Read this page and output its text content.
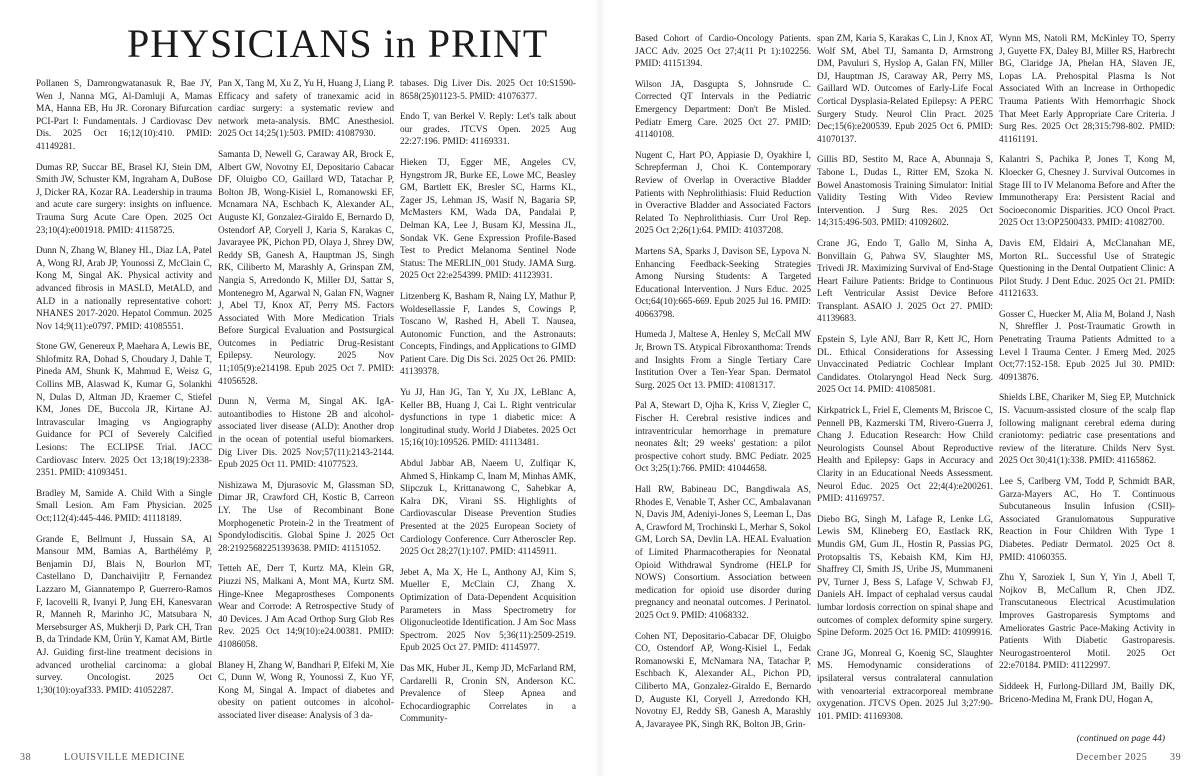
PHYSICIANS in PRINT

Pollanen S, Damrongwatanasuk R, Bae JY, Wen J, Nanna MG, Al-Damluji A, Mamas MA, Hanna EB, Hu JR. Coronary Bifurcation PCI-Part I: Fundamentals. J Cardiovasc Dev Dis. 2025 Oct 16;12(10):410. PMID: 41149281.

Dumas RP, Succar BE, Brasel KJ, Stein DM, Smith JW, Schuster KM, Ingraham A, DuBose J, Dicker RA, Kozar RA. Leadership in trauma and acute care surgery: insights on influence. Trauma Surg Acute Care Open. 2025 Oct 23;10(4):e001918. PMID: 41158725.

Dunn N, Zhang W, Blaney HL, Diaz LA, Patel A, Wong RJ, Arab JP, Younossi Z, McClain C, Kong M, Singal AK. Physical activity and advanced fibrosis in MASLD, MetALD, and ALD in a nationally representative cohort: NHANES 2017-2020. Hepatol Commun. 2025 Nov 14;9(11):e0797. PMID: 41085551.

Stone GW, Genereux P, Maehara A, Lewis BE, Shlofmitz RA, Dohad S, Choudary J, Dahle T, Pineda AM, Shunk K, Mahmud E, Weisz G, Collins MB, Alaswad K, Kumar G, Solankhi N, Dulas D, Altman JD, Kraemer C, Stiefel KM, Jones DE, Buccola JR, Kirtane AJ. Intravascular Imaging vs Angiography Guidance for PCI of Severely Calcified Lesions: The ECLIPSE Trial. JACC Cardiovasc Interv. 2025 Oct 13;18(19):2338-2351. PMID: 41093451.

Bradley M, Samide A. Child With a Single Small Lesion. Am Fam Physician. 2025 Oct;112(4):445-446. PMID: 41118189.

Grande E, Bellmunt J, Hussain SA, Al Mansour MM, Bamias A, Barthélémy P, Benjamin DJ, Blais N, Bourlon MT, Castellano D, Danchaivijitr P, Fernandez Lazzaro M, Giannatempo P, Guerrero-Ramos F, Iacovelli R, Ivanyi P, Jung EH, Kanesvaran R, Manneh R, Marinho JC, Matsubara N, Mersebsurger AS, Mukherji D, Park CH, Tran B, da Trindade KM, Ürün Y, Kamat AM, Birtle AJ. Guiding first-line treatment decisions in advanced urothelial carcinoma: a global survey. Oncologist. 2025 Oct 1;30(10):oyaf333. PMID: 41052287.

Pan X, Tang M, Xu Z, Yu H, Huang J, Liang P. Efficacy and safety of tranexamic acid in cardiac surgery: a systematic review and network meta-analysis. BMC Anesthesiol. 2025 Oct 14;25(1):503. PMID: 41087930.

Samanta D, Newell G, Caraway AR, Brock E, Albert GW, Novotny EJ, Depositario Cabacar DF, Oluigbo CO, Gaillard WD, Tatachar P, Bolton JB, Wong-Kisiel L, Romanowski EF, Mcnamara NA, Eschbach K, Alexander AL, Auguste KI, Gonzalez-Giraldo E, Bernardo D, Ostendorf AP, Coryell J, Karia S, Karakas C, Javarayee PK, Pichon PD, Olaya J, Shrey DW, Reddy SB, Ganesh A, Hauptman JS, Singh RK, Ciliberto M, Marashly A, Grinspan ZM, Nangia S, Arredondo K, Miller DJ, Sattar S, Montenegro M, Agarwal N, Galan FN, Wagner J, Abel TJ, Knox AT, Perry MS. Factors Associated With More Medication Trials Before Surgical Evaluation and Postsurgical Outcomes in Pediatric Drug-Resistant Epilepsy. Neurology. 2025 Nov 11;105(9):e214198. Epub 2025 Oct 7. PMID: 41056528.

Dunn N, Verma M, Singal AK. IgA-autoantibodies to Histone 2B and alcohol-associated liver disease (ALD): Another drop in the ocean of potential useful biomarkers. Dig Liver Dis. 2025 Nov;57(11):2143-2144. Epub 2025 Oct 11. PMID: 41077523.

Nishizawa M, Djurasovic M, Glassman SD, Dimar JR, Crawford CH, Kostic B, Carreon LY. The Use of Recombinant Bone Morphogenetic Protein-2 in the Treatment of Spondylodiscitis. Global Spine J. 2025 Oct 28:21925682251393638. PMID: 41151052.

Tetteh AE, Derr T, Kurtz MA, Klein GR, Piuzzi NS, Malkani A, Mont MA, Kurtz SM. Hinge-Knee Megaprostheses Components Wear and Corrode: A Retrospective Study of 40 Devices. J Am Acad Orthop Surg Glob Res Rev. 2025 Oct 14;9(10):e24.00381. PMID: 41086058.

Blaney H, Zhang W, Bandhari P, Elfeki M, Xie C, Dunn W, Wong R, Younossi Z, Kuo YF, Kong M, Singal A. Impact of diabetes and obesity on patient outcomes in alcohol-associated liver disease: Analysis of 3 da-

tabases. Dig Liver Dis. 2025 Oct 10:S1590-8658(25)01123-5. PMID: 41076377.

Endo T, van Berkel V. Reply: Let's talk about our grades. JTCVS Open. 2025 Aug 22:27:196. PMID: 41169331.

Hieken TJ, Egger ME, Angeles CV, Hyngstrom JR, Burke EE, Lowe MC, Beasley GM, Bartlett EK, Bresler SC, Harms KL, Zager JS, Lehman JS, Wasif N, Bagaria SP, McMasters KM, Wada DA, Pandalai P, Delman KA, Lee J, Busam KJ, Messina JL, Sondak VK. Gene Expression Profile-Based Test to Predict Melanoma Sentinel Node Status: The MERLIN_001 Study. JAMA Surg. 2025 Oct 22:e254399. PMID: 41123931.

Litzenberg K, Basham R, Naing LY, Mathur P, Woldesellassie F, Landes S, Cowings P, Toscano W, Rashed H, Abell T. Nausea, Autonomic Function, and the Astronauts: Concepts, Findings, and Applications to GIMD Patient Care. Dig Dis Sci. 2025 Oct 26. PMID: 41139378.

Yu JJ, Han JG, Tan Y, Xu JX, LeBlanc A, Keller BB, Huang J, Cai L. Right ventricular dysfunctions in type 1 diabetic mice: A longitudinal study. World J Diabetes. 2025 Oct 15;16(10):109526. PMID: 41113481.

Abdul Jabbar AB, Naeem U, Zulfiqar K, Ahmed S, Hinkamp C, Inam M, Minhas AMK, Slipczuk L, Krittanawong C, Sahebkar A, Kalra DK, Virani SS. Highlights of Cardiovascular Disease Prevention Studies Presented at the 2025 European Society of Cardiology Conference. Curr Atheroscler Rep. 2025 Oct 28;27(1):107. PMID: 41145911.

Jebet A, Ma X, He L, Anthony AJ, Kim S, Mueller E, McClain CJ, Zhang X. Optimization of Data-Dependent Acquisition Parameters in Mass Spectrometry for Oligonucleotide Identification. J Am Soc Mass Spectrom. 2025 Nov 5;36(11):2509-2519. Epub 2025 Oct 27. PMID: 41145977.

Das MK, Huber JL, Kemp JD, McFarland RM, Cardarelli R, Cronin SN, Anderson KC. Prevalence of Sleep Apnea and Echocardiographic Correlates in a Community-

Based Cohort of Cardio-Oncology Patients. JACC Adv. 2025 Oct 27;4(11 Pt 1):102256. PMID: 41151394.

Wilson JA, Dasgupta S, Johnsrude C. Corrected QT Intervals in the Pediatric Emergency Department: Don't Be Misled. Pediatr Emerg Care. 2025 Oct 27. PMID: 41140108.

Nugent C, Hart PO, Appiasie D, Oyakhire I, Schrepferman J, Choi K. Contemporary Review of Overlap in Overactive Bladder Patients with Nephrolithiasis: Fluid Reduction in Overactive Bladder and Associated Factors Related To Nephrolithiasis. Curr Urol Rep. 2025 Oct 2;26(1):64. PMID: 41037208.

Martens SA, Sparks J, Davison SE, Lypova N. Enhancing Feedback-Seeking Strategies Among Nursing Students: A Targeted Educational Intervention. J Nurs Educ. 2025 Oct;64(10):665-669. Epub 2025 Jul 16. PMID: 40663798.

Humeda J, Maltese A, Henley S, McCall MW Jr, Brown TS. Atypical Fibroxanthoma: Trends and Insights From a Single Tertiary Care Institution Over a Ten-Year Span. Dermatol Surg. 2025 Oct 13. PMID: 41081317.

Pal A, Stewart D, Ojha K, Kriss V, Ziegler C, Fischer H. Cerebral resistive indices and intraventricular hemorrhage in premature neonates &lt; 29 weeks' gestation: a pilot prospective cohort study. BMC Pediatr. 2025 Oct 3;25(1):766. PMID: 41044658.

Hall RW, Babineau DC, Bangdiwala AS, Rhodes E, Venable T, Asher CC, Ambalavanan N, Davis JM, Adeniyi-Jones S, Leeman L, Das A, Crawford M, Trochinski L, Merhar S, Sokol GM, Lorch SA, Devlin LA. HEAL Evaluation of Limited Pharmacotherapies for Neonatal Opioid Withdrawal Syndrome (HELP for NOWS) Consortium. Association between medication for opioid use disorder during pregnancy and neonatal outcomes. J Perinatol. 2025 Oct 9. PMID: 41068332.

Cohen NT, Depositario-Cabacar DF, Oluigbo CO, Ostendorf AP, Wong-Kisiel L, Fedak Romanowski E, McNamara NA, Tatachar P, Eschbach K, Alexander AL, Pichon PD, Ciliberto MA, Gonzalez-Giraldo E, Bernardo D, Auguste KI, Coryell J, Arredondo KH, Novotny EJ, Reddy SB, Ganesh A, Marashly A, Javarayee PK, Singh RK, Bolton JB, Grin-

span ZM, Karia S, Karakas C, Lin J, Knox AT, Wolf SM, Abel TJ, Samanta D, Armstrong DM, Pavuluri S, Hyslop A, Galan FN, Miller DJ, Hauptman JS, Caraway AR, Perry MS, Gaillard WD. Outcomes of Early-Life Focal Cortical Dysplasia-Related Epilepsy: A PERC Surgery Study. Neurol Clin Pract. 2025 Dec;15(6):e200539. Epub 2025 Oct 6. PMID: 41070137.

Gillis BD, Sestito M, Race A, Abunnaja S, Tabone L, Dudas L, Ritter EM, Szoka N. Bowel Anastomosis Training Simulator: Initial Validity Testing With Video Review Intervention. J Surg Res. 2025 Oct 14;315:496-503. PMID: 41092602.

Crane JG, Endo T, Gallo M, Sinha A, Bonvillain G, Pahwa SV, Slaughter MS, Trivedi JR. Maximizing Survival of End-Stage Heart Failure Patients: Bridge to Continuous Left Ventricular Assist Device Before Transplant. ASAIO J. 2025 Oct 27. PMID: 41139683.

Epstein S, Lyle ANJ, Barr R, Kett JC, Horn DL. Ethical Considerations for Assessing Unvaccinated Pediatric Cochlear Implant Candidates. Otolaryngol Head Neck Surg. 2025 Oct 14. PMID: 41085081.

Kirkpatrick L, Friel E, Clements M, Briscoe C, Pennell PB, Kazmerski TM, Rivero-Guerra J, Chang J. Education Research: How Child Neurologists Counsel About Reproductive Health and Epilepsy: Gaps in Accuracy and Clarity in an Educational Needs Assessment. Neurol Educ. 2025 Oct 22;4(4):e200261. PMID: 41169757.

Diebo BG, Singh M, Lafage R, Lenke LG, Lewis SM, Klineberg EO, Eastlack RK, Mundis GM, Gum JL, Hostin R, Passias PG, Protopsaltis TS, Kebaish KM, Kim HJ, Shaffrey CI, Smith JS, Uribe JS, Mummaneni PV, Turner J, Bess S, Lafage V, Schwab FJ, Daniels AH. Impact of cephalad versus caudal lumbar lordosis correction on spinal shape and outcomes of complex deformity spine surgery. Spine Deform. 2025 Oct 16. PMID: 41099916.

Crane JG, Monreal G, Koenig SC, Slaughter MS. Hemodynamic considerations of ipsilateral versus contralateral cannulation with venoarterial extracorporeal membrane oxygenation. JTCVS Open. 2025 Jul 3;27:90-101. PMID: 41169308.

Wynn MS, Natoli RM, McKinley TO, Sperry J, Guyette FX, Daley BJ, Miller RS, Harbrecht BG, Claridge JA, Phelan HA, Slaven JE, Lopas LA. Prehospital Plasma Is Not Associated With an Increase in Orthopedic Trauma Patients With Hemorrhagic Shock That Meet Early Appropriate Care Criteria. J Surg Res. 2025 Oct 28;315:798-802. PMID: 41161191.

Kalantri S, Pachika P, Jones T, Kong M, Kloecker G, Chesney J. Survival Outcomes in Stage III to IV Melanoma Before and After the Immunotherapy Era: Persistent Racial and Socioeconomic Disparities. JCO Oncol Pract. 2025 Oct 13:OP2500433. PMID: 41082700.

Davis EM, Eldairi A, McClanahan ME, Morton RL. Successful Use of Strategic Questioning in the Dental Outpatient Clinic: A Pilot Study. J Dent Educ. 2025 Oct 21. PMID: 41121633.

Gosser C, Huecker M, Alia M, Boland J, Nash N, Shreffler J. Post-Traumatic Growth in Penetrating Trauma Patients Admitted to a Level I Trauma Center. J Emerg Med. 2025 Oct;77:152-158. Epub 2025 Jul 30. PMID: 40913876.

Shields LBE, Chariker M, Sieg EP, Mutchnick IS. Vacuum-assisted closure of the scalp flap following malignant cerebral edema during craniotomy: pediatric case presentations and review of the literature. Childs Nerv Syst. 2025 Oct 30;41(1):338. PMID: 41165862.

Lee S, Carlberg VM, Todd P, Schmidt BAR, Garza-Mayers AC, Ho T. Continuous Subcutaneous Insulin Infusion (CSII)-Associated Granulomatous Suppurative Reaction in Four Children With Type 1 Diabetes. Pediatr Dermatol. 2025 Oct 8. PMID: 41060355.

Zhu Y, Saroziek I, Sun Y, Yin J, Abell T, Nojkov B, McCallum R, Chen JDZ. Transcutaneous Electrical Acustimulation Improves Gastroparesis Symptoms and Ameliorates Gastric Pace-Making Activity in Patients With Diabetic Gastroparesis. Neurogastroenterol Motil. 2025 Oct 22:e70184. PMID: 41122997.

Siddeek H, Furlong-Dillard JM, Bailly DK, Briceno-Medina M, Frank DU, Hogan A,

(continued on page 44)
38	LOUISVILLE MEDICINE	December 2025 39
